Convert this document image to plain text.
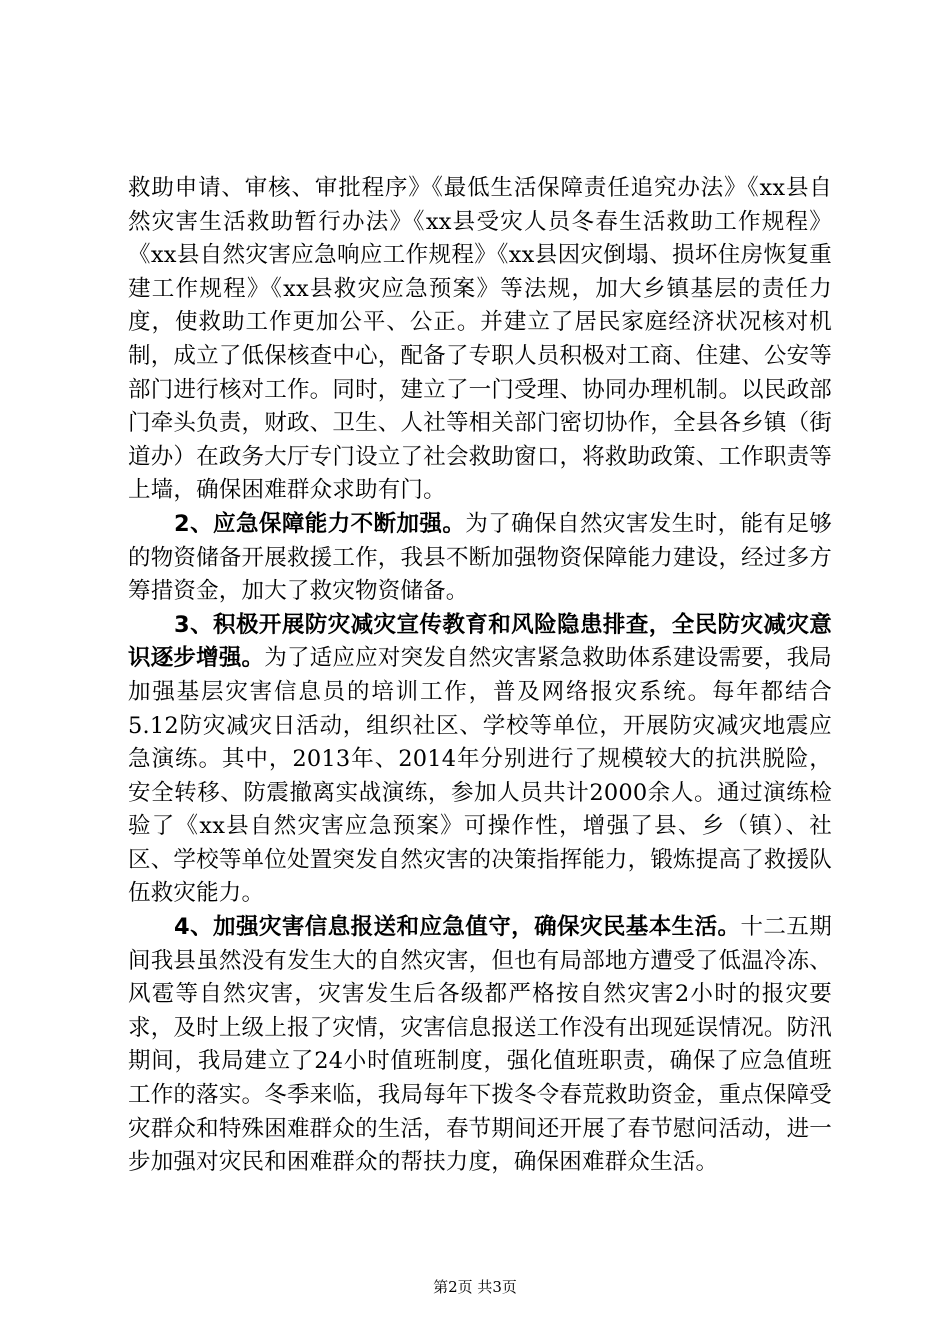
救助申请、审核、审批程序》《最低生活保障责任追究办法》《xx县自然灾害生活救助暂行办法》《xx县受灾人员冬春生活救助工作规程》《xx县自然灾害应急响应工作规程》《xx县因灾倒塌、损坏住房恢复重建工作规程》《xx县救灾应急预案》等法规，加大乡镇基层的责任力度，使救助工作更加公平、公正。并建立了居民家庭经济状况核对机制，成立了低保核查中心，配备了专职人员积极对工商、住建、公安等部门进行核对工作。同时，建立了一门受理、协同办理机制。以民政部门牵头负责，财政、卫生、人社等相关部门密切协作，全县各乡镇（街道办）在政务大厅专门设立了社会救助窗口，将救助政策、工作职责等上墙，确保困难群众求助有门。

2、应急保障能力不断加强。为了确保自然灾害发生时，能有足够的物资储备开展救援工作，我县不断加强物资保障能力建设，经过多方筹措资金，加大了救灾物资储备。

3、积极开展防灾减灾宣传教育和风险隐患排查，全民防灾减灾意识逐步增强。为了适应应对突发自然灾害紧急救助体系建设需要，我局加强基层灾害信息员的培训工作，普及网络报灾系统。每年都结合5.12防灾减灾日活动，组织社区、学校等单位，开展防灾减灾地震应急演练。其中，2013年、2014年分别进行了规模较大的抗洪脱险，安全转移、防震撤离实战演练，参加人员共计2000余人。通过演练检验了《xx县自然灾害应急预案》可操作性，增强了县、乡（镇）、社区、学校等单位处置突发自然灾害的决策指挥能力，锻炼提高了救援队伍救灾能力。

4、加强灾害信息报送和应急值守，确保灾民基本生活。十二五期间我县虽然没有发生大的自然灾害，但也有局部地方遭受了低温冷冻、风雹等自然灾害，灾害发生后各级都严格按自然灾害2小时的报灾要求，及时上级上报了灾情，灾害信息报送工作没有出现延误情况。防汛期间，我局建立了24小时值班制度，强化值班职责，确保了应急值班工作的落实。冬季来临，我局每年下拨冬令春荒救助资金，重点保障受灾群众和特殊困难群众的生活，春节期间还开展了春节慰问活动，进一步加强对灾民和困难群众的帮扶力度，确保困难群众生活。

第2页 共3页
